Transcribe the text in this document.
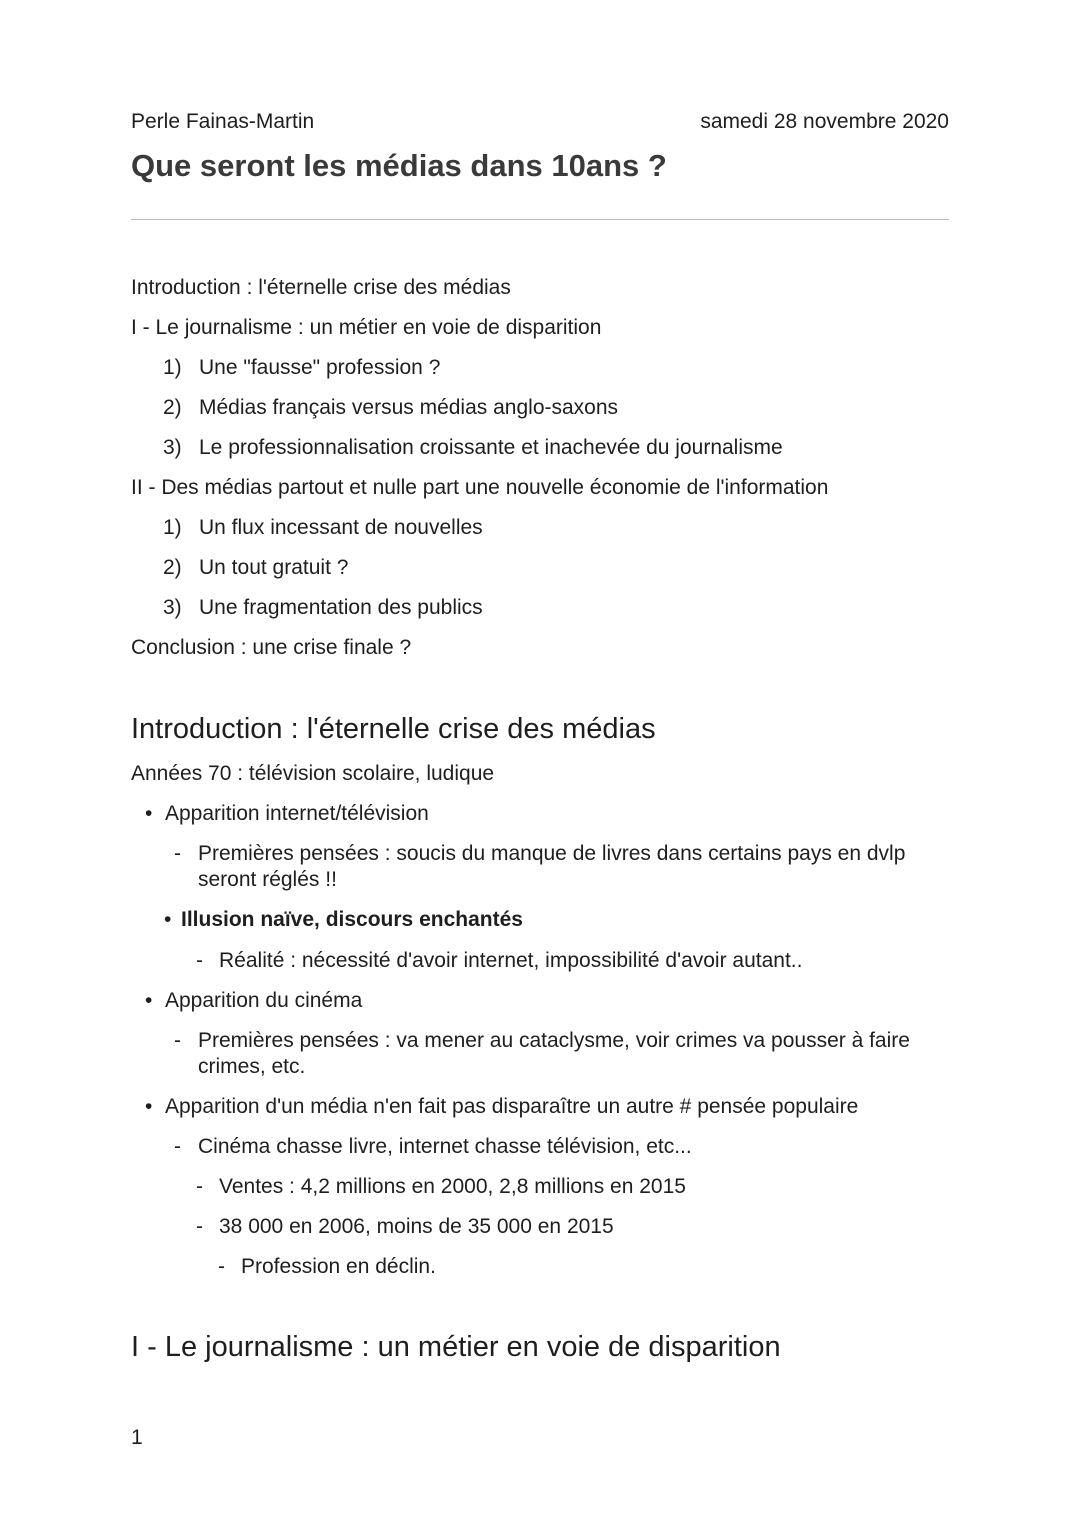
Perle Fainas-Martin	samedi 28 novembre 2020
Que seront les médias dans 10ans ?
Introduction : l'éternelle crise des médias
I - Le journalisme : un métier en voie de disparition
1) Une "fausse" profession ?
2) Médias français versus médias anglo-saxons
3) Le professionnalisation croissante et inachevée du journalisme
II - Des médias partout et nulle part une nouvelle économie de l'information
1) Un flux incessant de nouvelles
2) Un tout gratuit ?
3) Une fragmentation des publics
Conclusion : une crise finale ?
Introduction : l'éternelle crise des médias
Années 70 : télévision scolaire, ludique
• Apparition internet/télévision
- Premières pensées : soucis du manque de livres dans certains pays en dvlp
seront réglés !!
• Illusion naïve, discours enchantés
- Réalité : nécessité d'avoir internet, impossibilité d'avoir autant..
• Apparition du cinéma
- Premières pensées : va mener au cataclysme, voir crimes va pousser à faire
crimes, etc.
• Apparition d'un média n'en fait pas disparaître un autre # pensée populaire
- Cinéma chasse livre, internet chasse télévision, etc...
- Ventes : 4,2 millions en 2000, 2,8 millions en 2015
- 38 000 en 2006, moins de 35 000 en 2015
- Profession en déclin.
I - Le journalisme : un métier en voie de disparition
1
